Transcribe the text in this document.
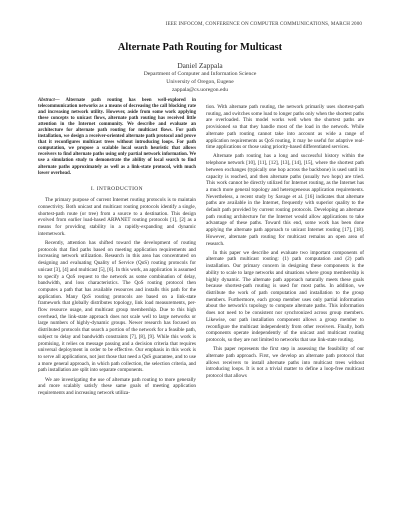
IEEE INFOCOM, CONFERENCE ON COMPUTER COMMUNICATIONS, MARCH 2000
Alternate Path Routing for Multicast
Daniel Zappala
Department of Computer and Information Science
University of Oregon, Eugene
zappala@cs.uoregon.edu
Abstract— Alternate path routing has been well-explored in telecommunication networks as a means of decreasing the call blocking rate and increasing network utility. However, aside from some work applying these concepts to unicast flows, alternate path routing has received little attention in the Internet community. We describe and evaluate an architecture for alternate path routing for multicast flows. For path installation, we design a receiver-oriented alternate path protocol and prove that it reconfigures multicast trees without introducing loops. For path computation, we propose a scalable local search heuristic that allows receivers to find alternate paths using only partial network information. We use a simulation study to demonstrate the ability of local search to find alternate paths approximately as well as a link-state protocol, with much lower overhead.
I. INTRODUCTION

The primary purpose of current Internet routing protocols is to maintain connectivity. Both unicast and multicast routing protocols identify a single, shortest-path route (or tree) from a source to a destination. This design evolved from earlier load-based ARPANET routing protocols [1], [2] as a means for providing stability in a rapidly-expanding and dynamic internetwork.

Recently, attention has shifted toward the development of routing protocols that find paths based on meeting application requirements and increasing network utilization. Research in this area has concentrated on designing and evaluating Quality of Service (QoS) routing protocols for unicast [3], [4] and multicast [5], [6]. In this work, an application is assumed to specify a QoS request to the network as some combination of delay, bandwidth, and loss characteristics. The QoS routing protocol then computes a path that has available resources and installs this path for the application. Many QoS routing protocols are based on a link-state framework that globally distributes topology, link load measurements, per-flow resource usage, and multicast group membership. Due to this high overhead, the link-state approach does not scale well to large networks or large numbers of highly-dynamic groups. Newer research has focused on distributed protocols that search a portion of the network for a feasible path, subject to delay and bandwidth constraints [7], [8], [9]. While this work is promising, it relies on message passing and a decision criteria that requires universal deployment in order to be effective. Our emphasis in this work is to serve all applications, not just those that need a QoS guarantee, and to use a more general approach, in which path collection, the selection criteria, and path installation are split into separate components.

We are investigating the use of alternate path routing to more generally and more scalably satisfy these same goals of meeting application requirements and increasing network utiliza-

tion. With alternate path routing, the network primarily uses shortest-path routing, and switches some load to longer paths only when the shortest paths are overloaded. This model works well when the shortest paths are provisioned so that they handle most of the load in the network. While alternate path routing cannot take into account as wide a range of application requirements as QoS routing, it may be useful for adaptive real-time applications or those using priority-based differentiated services.

Alternate path routing has a long and successful history within the telephone network [10], [11], [12], [13], [14], [15], where the shortest path between exchanges (typically one hop across the backbone) is used until its capacity is reached, and then alternate paths (usually two hops) are tried. This work cannot be directly utilized for Internet routing, as the Internet has a much more general topology and heterogeneous application requirements. Nevertheless, a recent study by Savage et al. [16] indicates that alternate paths are available in the Internet, frequently with superior quality to the default path provided by current routing protocols. Developing an alternate path routing architecture for the Internet would allow applications to take advantage of these paths. Toward this end, some work has been done applying the alternate path approach to unicast Internet routing [17], [18]. However, alternate path routing for multicast remains an open area of research.

In this paper we describe and evaluate two important components of alternate path multicast routing: (1) path computation and (2) path installation. Our primary concern in designing these components is the ability to scale to large networks and situations where group membership is highly dynamic. The alternate path approach naturally meets these goals because shortest-path routing is used for most paths. In addition, we distribute the work of path computation and installation to the group members. Furthermore, each group member uses only partial information about the network's topology to compute alternate paths. This information does not need to be consistent nor synchronized across group members. Likewise, our path installation component allows a group member to reconfigure the multicast independently from other receivers. Finally, both components operate independently of the unicast and multicast routing protocols, so they are not limited to networks that use link-state routing.

This paper represents the first step in assessing the feasibility of our alternate path approach. First, we develop an alternate path protocol that allows receivers to install alternate paths into multicast trees without introducing loops. It is not a trivial matter to define a loop-free multicast protocol that allows
